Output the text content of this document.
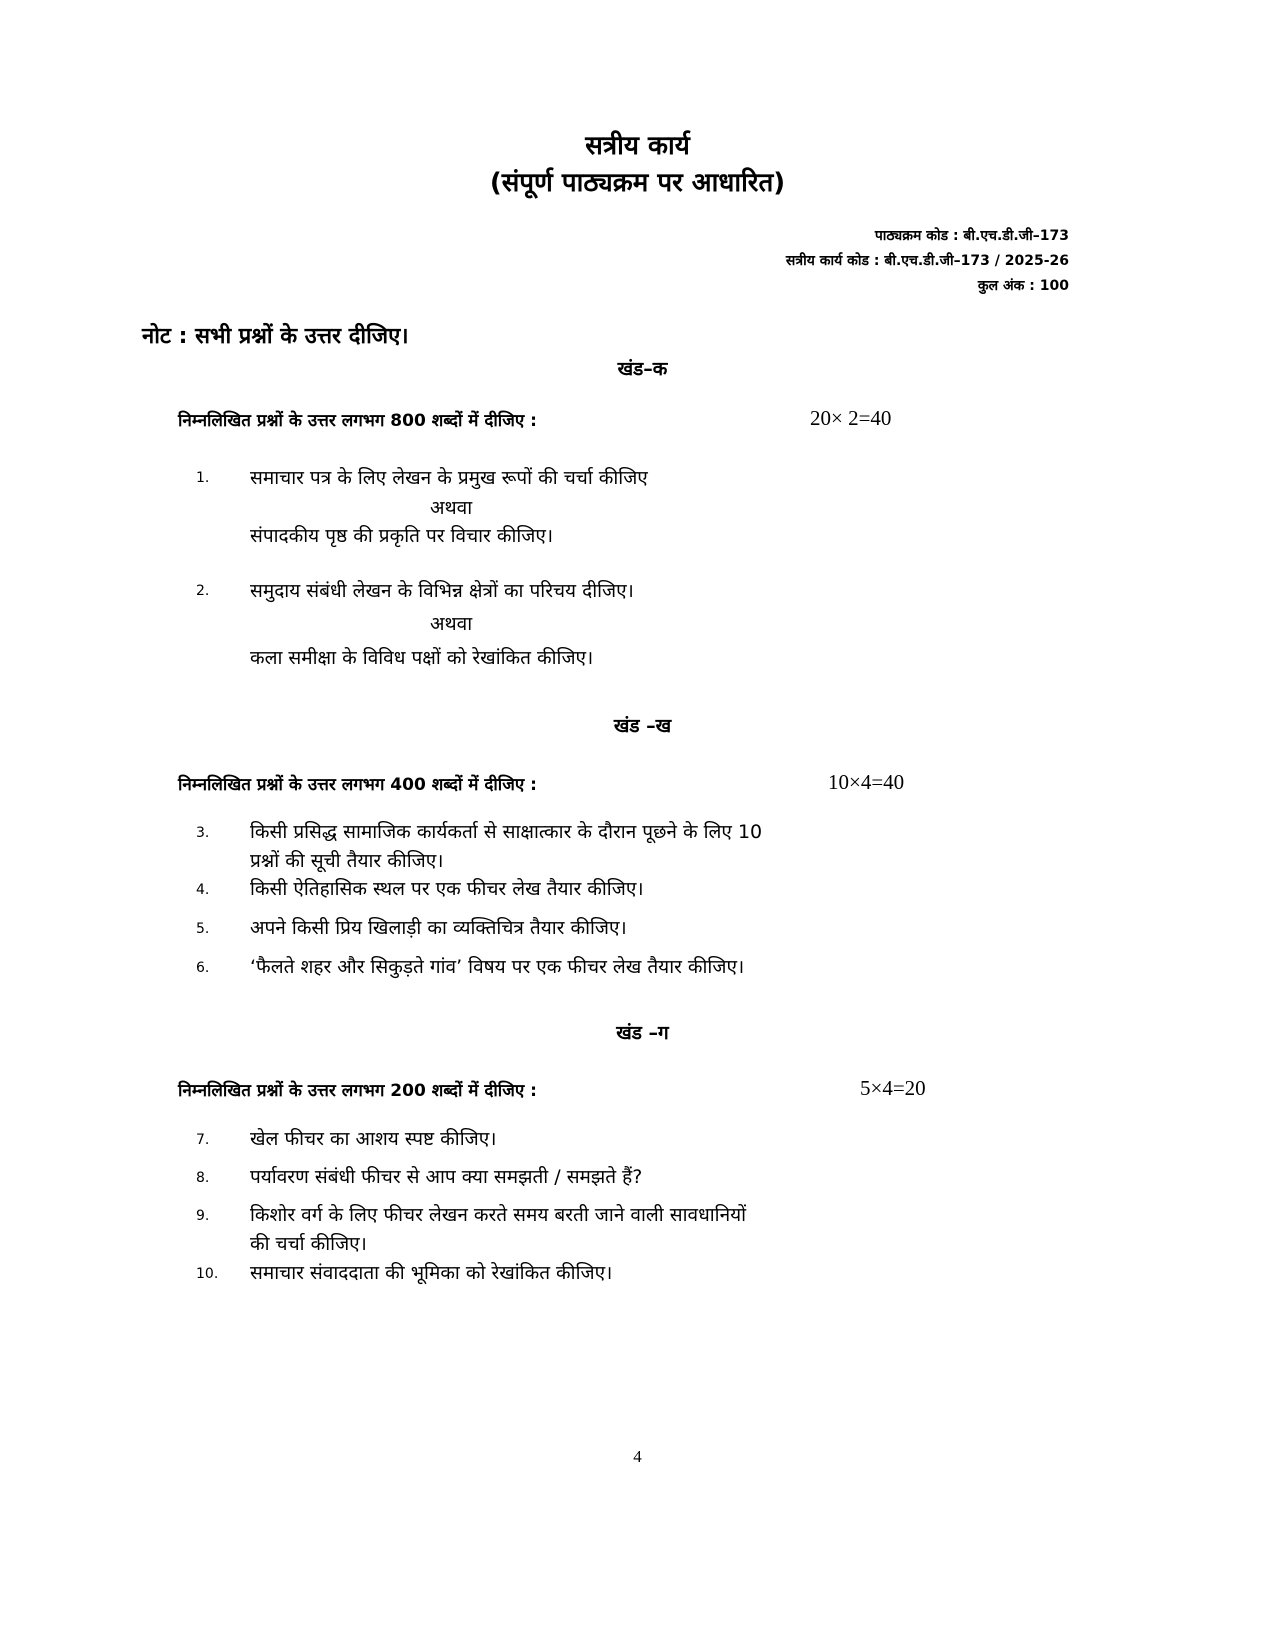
सत्रीय कार्य
(संपूर्ण पाठ्यक्रम पर आधारित)
पाठ्यक्रम कोड : बी.एच.डी.जी–173
सत्रीय कार्य कोड : बी.एच.डी.जी–173 / 2025-26
कुल अंक : 100
नोट : सभी प्रश्नों के उत्तर दीजिए।
खंड–क
निम्नलिखित प्रश्नों के उत्तर लगभग 800 शब्दों में दीजिए :	20× 2=40
1. समाचार पत्र के लिए लेखन के प्रमुख रूपों की चर्चा कीजिए
अथवा
संपादकीय पृष्ठ की प्रकृति पर विचार कीजिए।
2. समुदाय संबंधी लेखन के विभिन्न क्षेत्रों का परिचय दीजिए।
अथवा
कला समीक्षा के विविध पक्षों को रेखांकित कीजिए।
खंड –ख
निम्नलिखित प्रश्नों के उत्तर लगभग 400 शब्दों में दीजिए :	10×4=40
3. किसी प्रसिद्ध सामाजिक कार्यकर्ता से साक्षात्कार के दौरान पूछने के लिए 10
प्रश्नों की सूची तैयार कीजिए।
4. किसी ऐतिहासिक स्थल पर एक फीचर लेख तैयार कीजिए।
5. अपने किसी प्रिय खिलाड़ी का व्यक्तिचित्र तैयार कीजिए।
6. ‘फैलते शहर और सिकुड़ते गांव’ विषय पर एक फीचर लेख तैयार कीजिए।
खंड –ग
निम्नलिखित प्रश्नों के उत्तर लगभग 200 शब्दों में दीजिए :	5×4=20
7. खेल फीचर का आशय स्पष्ट कीजिए।
8. पर्यावरण संबंधी फीचर से आप क्या समझती / समझते हैं?
9. किशोर वर्ग के लिए फीचर लेखन करते समय बरती जाने वाली सावधानियों
की चर्चा कीजिए।
10. समाचार संवाददाता की भूमिका को रेखांकित कीजिए।
4
